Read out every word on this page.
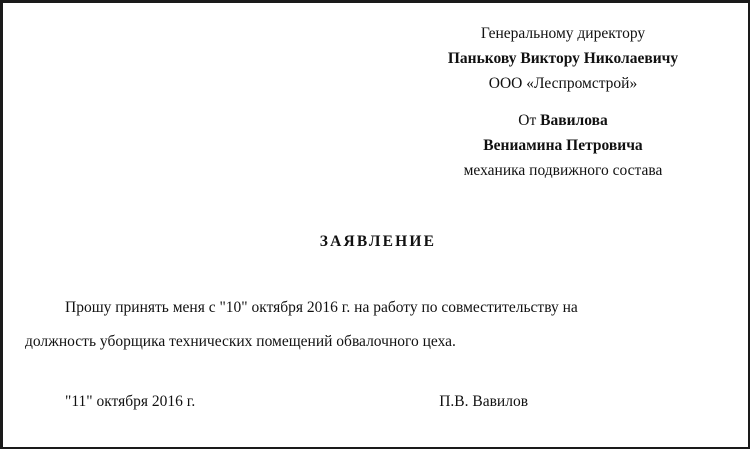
Генеральному директору
Панькову Виктору Николаевичу
ООО «Леспромстрой»
От Вавилова
Вениамина Петровича
механика подвижного состава
ЗАЯВЛЕНИЕ
Прошу принять меня с "10" октября 2016 г. на работу по совместительству на
должность уборщика технических помещений обвалочного цеха.
"11" октября 2016 г.	П.В. Вавилов
